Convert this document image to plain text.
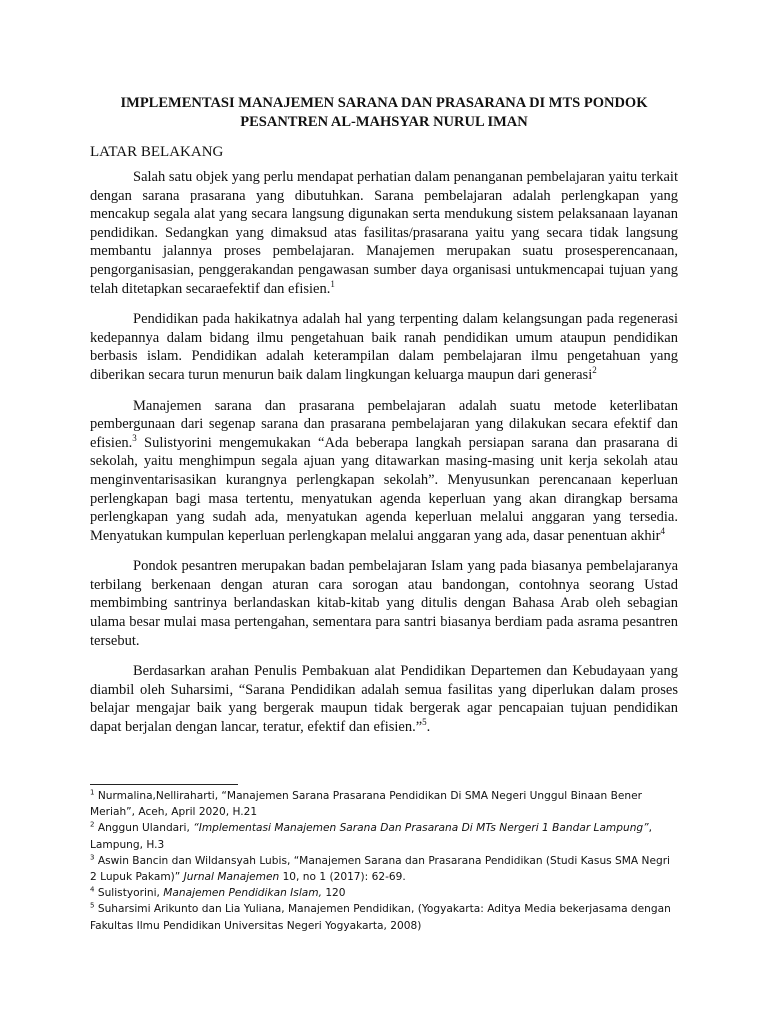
IMPLEMENTASI MANAJEMEN SARANA DAN PRASARANA DI MTS PONDOK
PESANTREN AL-MAHSYAR NURUL IMAN

LATAR BELAKANG

Salah satu objek yang perlu mendapat perhatian dalam penanganan pembelajaran yaitu terkait dengan sarana prasarana yang dibutuhkan. Sarana pembelajaran adalah perlengkapan yang mencakup segala alat yang secara langsung digunakan serta mendukung sistem pelaksanaan layanan pendidikan. Sedangkan yang dimaksud atas fasilitas/prasarana yaitu yang secara tidak langsung membantu jalannya proses pembelajaran. Manajemen merupakan suatu prosesperencanaan, pengorganisasian, penggerakandan pengawasan sumber daya organisasi untukmencapai tujuan yang telah ditetapkan secaraefektif dan efisien.$^1$

Pendidikan pada hakikatnya adalah hal yang terpenting dalam kelangsungan pada regenerasi kedepannya dalam bidang ilmu pengetahuan baik ranah pendidikan umum ataupun pendidikan berbasis islam. Pendidikan adalah keterampilan dalam pembelajaran ilmu pengetahuan yang diberikan secara turun menurun baik dalam lingkungan keluarga maupun dari generasi$^2$

Manajemen sarana dan prasarana pembelajaran adalah suatu metode keterlibatan pembergunaan dari segenap sarana dan prasarana pembelajaran yang dilakukan secara efektif dan efisien.$^3$ Sulistyorini mengemukakan “Ada beberapa langkah persiapan sarana dan prasarana di sekolah, yaitu menghimpun segala ajuan yang ditawarkan masing-masing unit kerja sekolah atau menginventarisasikan kurangnya perlengkapan sekolah”. Menyusunkan perencanaan keperluan perlengkapan bagi masa tertentu, menyatukan agenda keperluan yang akan dirangkap bersama perlengkapan yang sudah ada, menyatukan agenda keperluan melalui anggaran yang tersedia. Menyatukan kumpulan keperluan perlengkapan melalui anggaran yang ada, dasar penentuan akhir$^4$

Pondok pesantren merupakan badan pembelajaran Islam yang pada biasanya pembelajaranya terbilang berkenaan dengan aturan cara sorogan atau bandongan, contohnya seorang Ustad membimbing santrinya berlandaskan kitab-kitab yang ditulis dengan Bahasa Arab oleh sebagian ulama besar mulai masa pertengahan, sementara para santri biasanya berdiam pada asrama pesantren tersebut.

Berdasarkan arahan Penulis Pembakuan alat Pendidikan Departemen dan Kebudayaan yang diambil oleh Suharsimi, “Sarana Pendidikan adalah semua fasilitas yang diperlukan dalam proses belajar mengajar baik yang bergerak maupun tidak bergerak agar pencapaian tujuan pendidikan dapat berjalan dengan lancar, teratur, efektif dan efisien.”$^5$.

$^1$ Nurmalina,Nelliraharti, “Manajemen Sarana Prasarana Pendidikan Di SMA Negeri Unggul Binaan Bener Meriah”, Aceh, April 2020, H.21

$^2$ Anggun Ulandari, “Implementasi Manajemen Sarana Dan Prasarana Di MTs Nergeri 1 Bandar Lampung”, Lampung, H.3

$^3$ Aswin Bancin dan Wildansyah Lubis, “Manajemen Sarana dan Prasarana Pendidikan (Studi Kasus SMA Negri 2 Lupuk Pakam)” Jurnal Manajemen 10, no 1 (2017): 62-69.

$^4$ Sulistyorini, Manajemen Pendidikan Islam, 120

$^5$ Suharsimi Arikunto dan Lia Yuliana, Manajemen Pendidikan, (Yogyakarta: Aditya Media bekerjasama dengan Fakultas Ilmu Pendidikan Universitas Negeri Yogyakarta, 2008)
